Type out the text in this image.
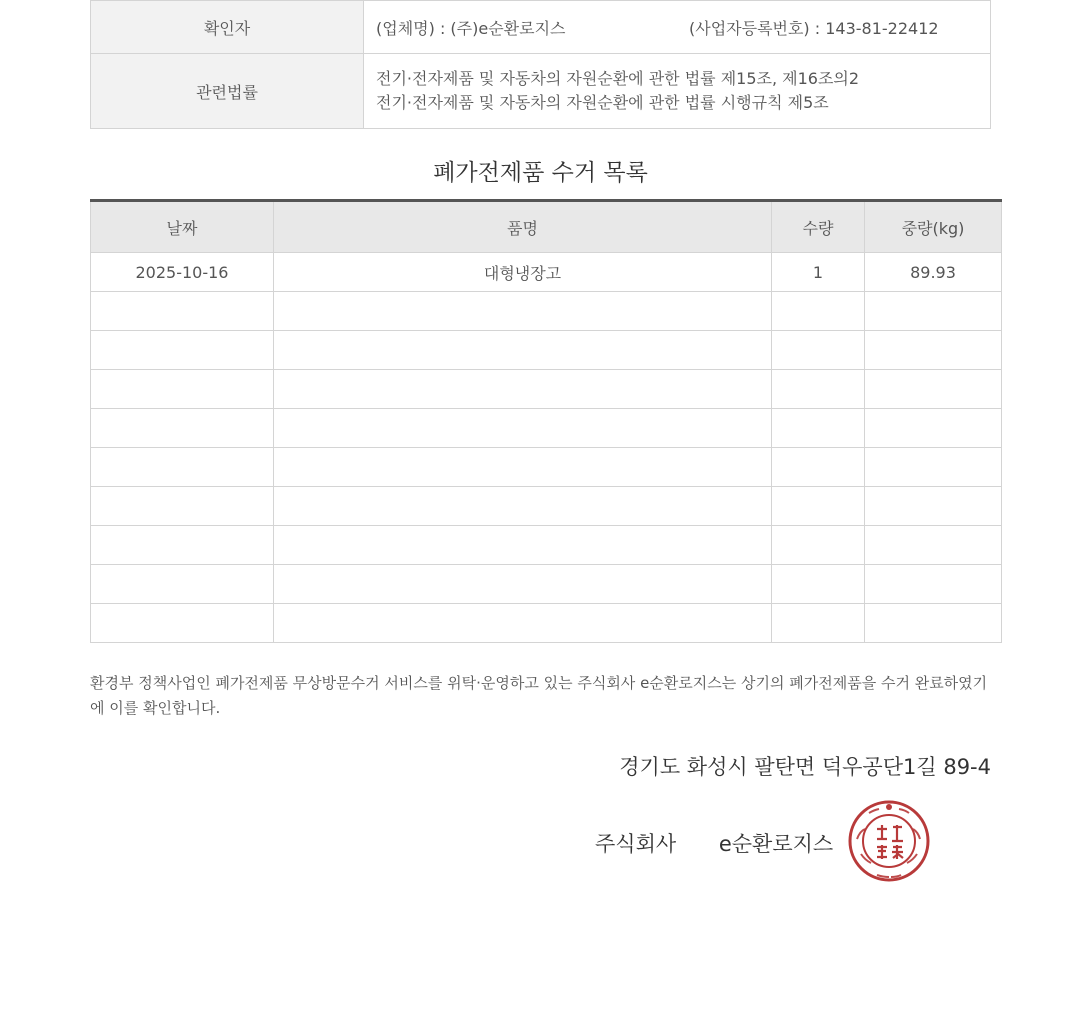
확인자	(업체명) : (주)e순환로지스 (사업자등록번호) : 143-81-22412

관련법률	전기·전자제품 및 자동차의 자원순환에 관한 법률 제15조, 제16조의2
전기·전자제품 및 자동차의 자원순환에 관한 법률 시행규칙 제5조
폐가전제품 수거 목록
날짜	품명	수량	중량(kg)
2025-10-16	대형냉장고	1	89.93

환경부 정책사업인 폐가전제품 무상방문수거 서비스를 위탁·운영하고 있는 주식회사 e순환로지스는 상기의 폐가전제품을 수거 완료하였기에 이를 확인합니다.
경기도 화성시 팔탄면 덕우공단1길 89-4
주식회사 e순환로지스
